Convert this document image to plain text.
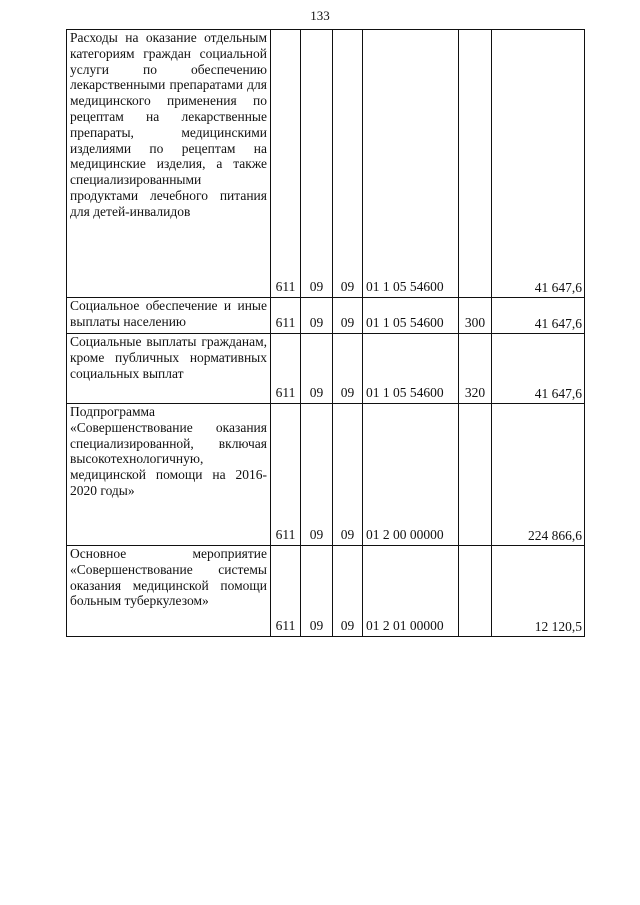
133
Расходы на оказание отдельным категориям граждан социальной услуги по обеспечению лекарственными препаратами для медицинского применения по рецептам на лекарственные препараты, медицинскими изделиями по рецептам на медицинские изделия, а также специализированными продуктами лечебного питания для детей-инвалидов	611	09	09	01 1 05 54600		41 647,6

Социальное обеспечение и иные выплаты населению	611	09	09	01 1 05 54600	300	41 647,6

Социальные выплаты гражданам, кроме публичных нормативных социальных выплат	611	09	09	01 1 05 54600	320	41 647,6

Подпрограмма «Совершенствование оказания специализированной, включая высокотехнологичную, медицинской помощи на 2016-2020 годы»	611	09	09	01 2 00 00000		224 866,6

Основное мероприятие «Совершенствование системы оказания медицинской помощи больным туберкулезом»	611	09	09	01 2 01 00000		12 120,5
